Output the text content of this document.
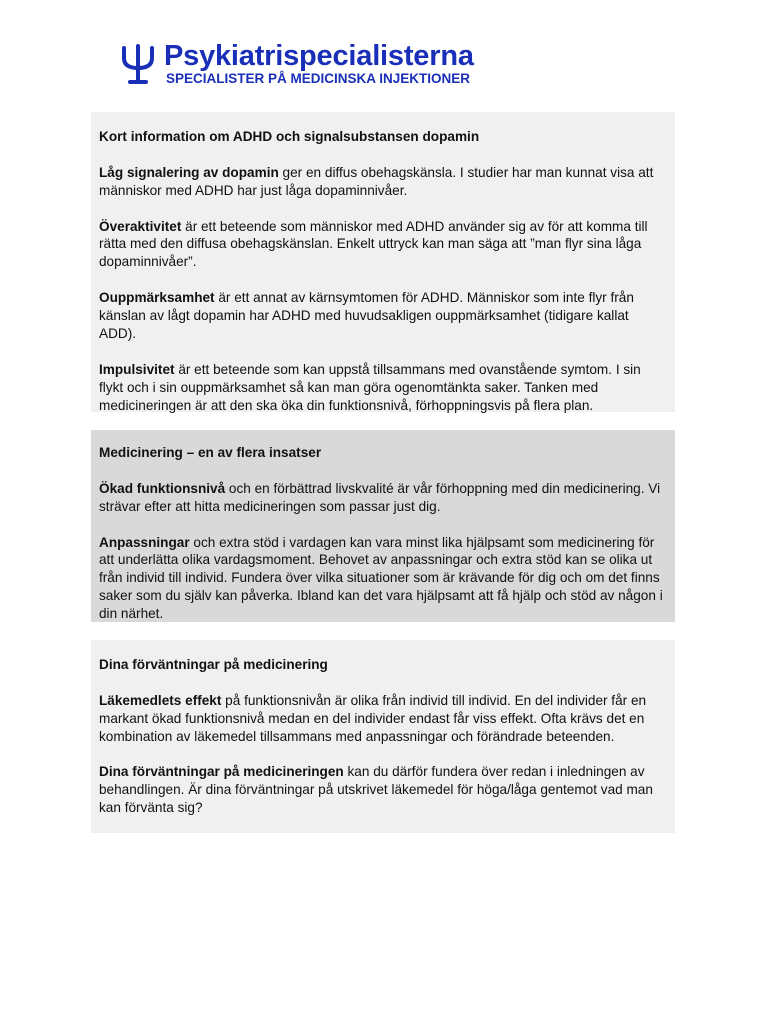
Psykiatrispecialisterna
SPECIALISTER PÅ MEDICINSKA INJEKTIONER

Kort information om ADHD och signalsubstansen dopamin

Låg signalering av dopamin ger en diffus obehagskänsla. I studier har man kunnat visa att människor med ADHD har just låga dopaminnivåer.

Överaktivitet är ett beteende som människor med ADHD använder sig av för att komma till rätta med den diffusa obehagskänslan. Enkelt uttryck kan man säga att ”man flyr sina låga dopaminnivåer”.

Ouppmärksamhet är ett annat av kärnsymtomen för ADHD. Människor som inte flyr från känslan av lågt dopamin har ADHD med huvudsakligen ouppmärksamhet (tidigare kallat ADD).

Impulsivitet är ett beteende som kan uppstå tillsammans med ovanstående symtom. I sin flykt och i sin ouppmärksamhet så kan man göra ogenomtänkta saker. Tanken med medicineringen är att den ska öka din funktionsnivå, förhoppningsvis på flera plan.

Medicinering – en av flera insatser

Ökad funktionsnivå och en förbättrad livskvalité är vår förhoppning med din medicinering. Vi strävar efter att hitta medicineringen som passar just dig.

Anpassningar och extra stöd i vardagen kan vara minst lika hjälpsamt som medicinering för att underlätta olika vardagsmoment. Behovet av anpassningar och extra stöd kan se olika ut från individ till individ. Fundera över vilka situationer som är krävande för dig och om det finns saker som du själv kan påverka. Ibland kan det vara hjälpsamt att få hjälp och stöd av någon i din närhet.

Dina förväntningar på medicinering

Läkemedlets effekt på funktionsnivån är olika från individ till individ. En del individer får en markant ökad funktionsnivå medan en del individer endast får viss effekt. Ofta krävs det en kombination av läkemedel tillsammans med anpassningar och förändrade beteenden.

Dina förväntningar på medicineringen kan du därför fundera över redan i inledningen av behandlingen. Är dina förväntningar på utskrivet läkemedel för höga/låga gentemot vad man kan förvänta sig?
